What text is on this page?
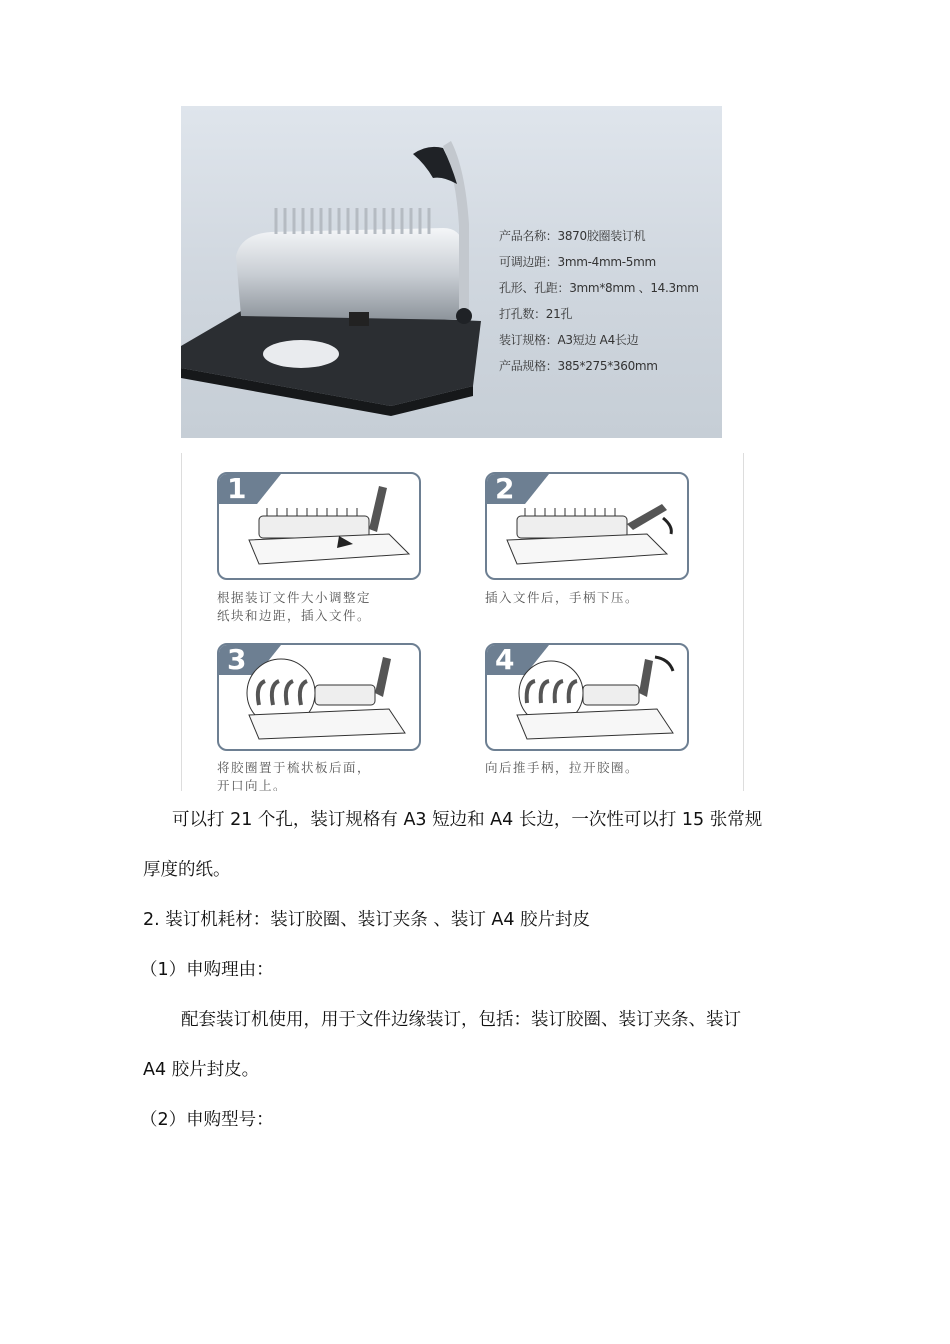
产品名称：3870胶圈装订机
可调边距：3mm-4mm-5mm
孔形、孔距：3mm*8mm 、14.3mm
打孔数：21孔
装订规格：A3短边 A4长边
产品规格：385*275*360mm
1
根据装订文件大小调整定
纸块和边距，插入文件。
2
插入文件后，手柄下压。
3
将胶圈置于梳状板后面，
开口向上。
4
向后推手柄，拉开胶圈。
可以打 21 个孔，装订规格有 A3 短边和 A4 长边，一次性可以打 15 张常规
厚度的纸。
2. 装订机耗材：装订胶圈、装订夹条 、装订 A4 胶片封皮
（1）申购理由：
配套装订机使用，用于文件边缘装订，包括：装订胶圈、装订夹条、装订
A4 胶片封皮。
（2）申购型号：
